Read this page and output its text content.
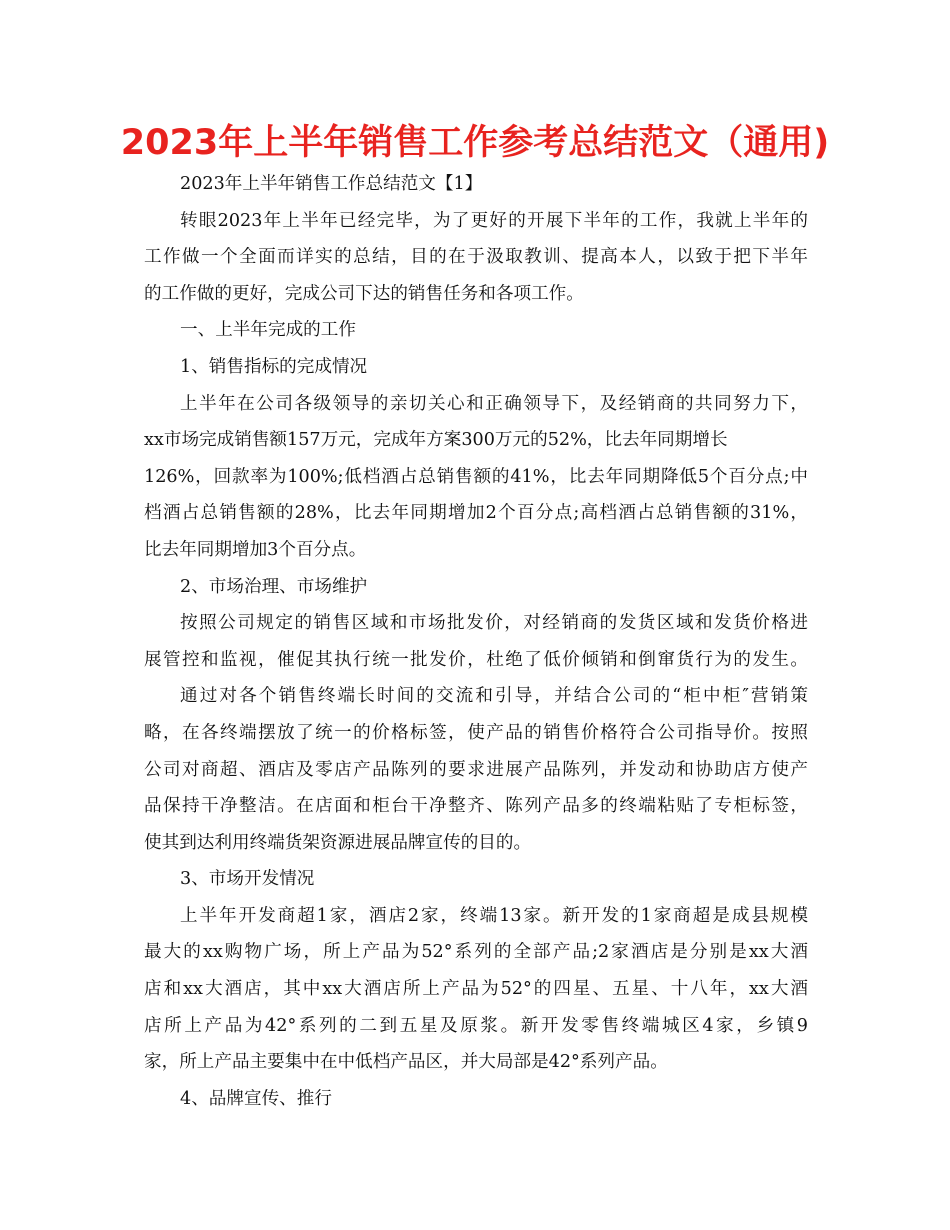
2023年上半年销售工作参考总结范文（通用)
2023年上半年销售工作总结范文【1】
转眼2023年上半年已经完毕，为了更好的开展下半年的工作，我就上半年的
工作做一个全面而详实的总结，目的在于汲取教训、提高本人，以致于把下半年
的工作做的更好，完成公司下达的销售任务和各项工作。
一、上半年完成的工作
1、销售指标的完成情况
上半年在公司各级领导的亲切关心和正确领导下，及经销商的共同努力下，
xx市场完成销售额157万元，完成年方案300万元的52%，比去年同期增长
126%，回款率为100%;低档酒占总销售额的41%，比去年同期降低5个百分点;中
档酒占总销售额的28%，比去年同期增加2个百分点;高档酒占总销售额的31%，
比去年同期增加3个百分点。
2、市场治理、市场维护
按照公司规定的销售区域和市场批发价，对经销商的发货区域和发货价格进
展管控和监视，催促其执行统一批发价，杜绝了低价倾销和倒窜货行为的发生。
通过对各个销售终端长时间的交流和引导，并结合公司的“柜中柜″营销策
略，在各终端摆放了统一的价格标签，使产品的销售价格符合公司指导价。按照
公司对商超、酒店及零店产品陈列的要求进展产品陈列，并发动和协助店方使产
品保持干净整洁。在店面和柜台干净整齐、陈列产品多的终端粘贴了专柜标签，
使其到达利用终端货架资源进展品牌宣传的目的。
3、市场开发情况
上半年开发商超1家，酒店2家，终端13家。新开发的1家商超是成县规模
最大的xx购物广场，所上产品为52°系列的全部产品;2家酒店是分别是xx大酒
店和xx大酒店，其中xx大酒店所上产品为52°的四星、五星、十八年，xx大酒
店所上产品为42°系列的二到五星及原浆。新开发零售终端城区4家，乡镇9
家，所上产品主要集中在中低档产品区，并大局部是42°系列产品。
4、品牌宣传、推行
